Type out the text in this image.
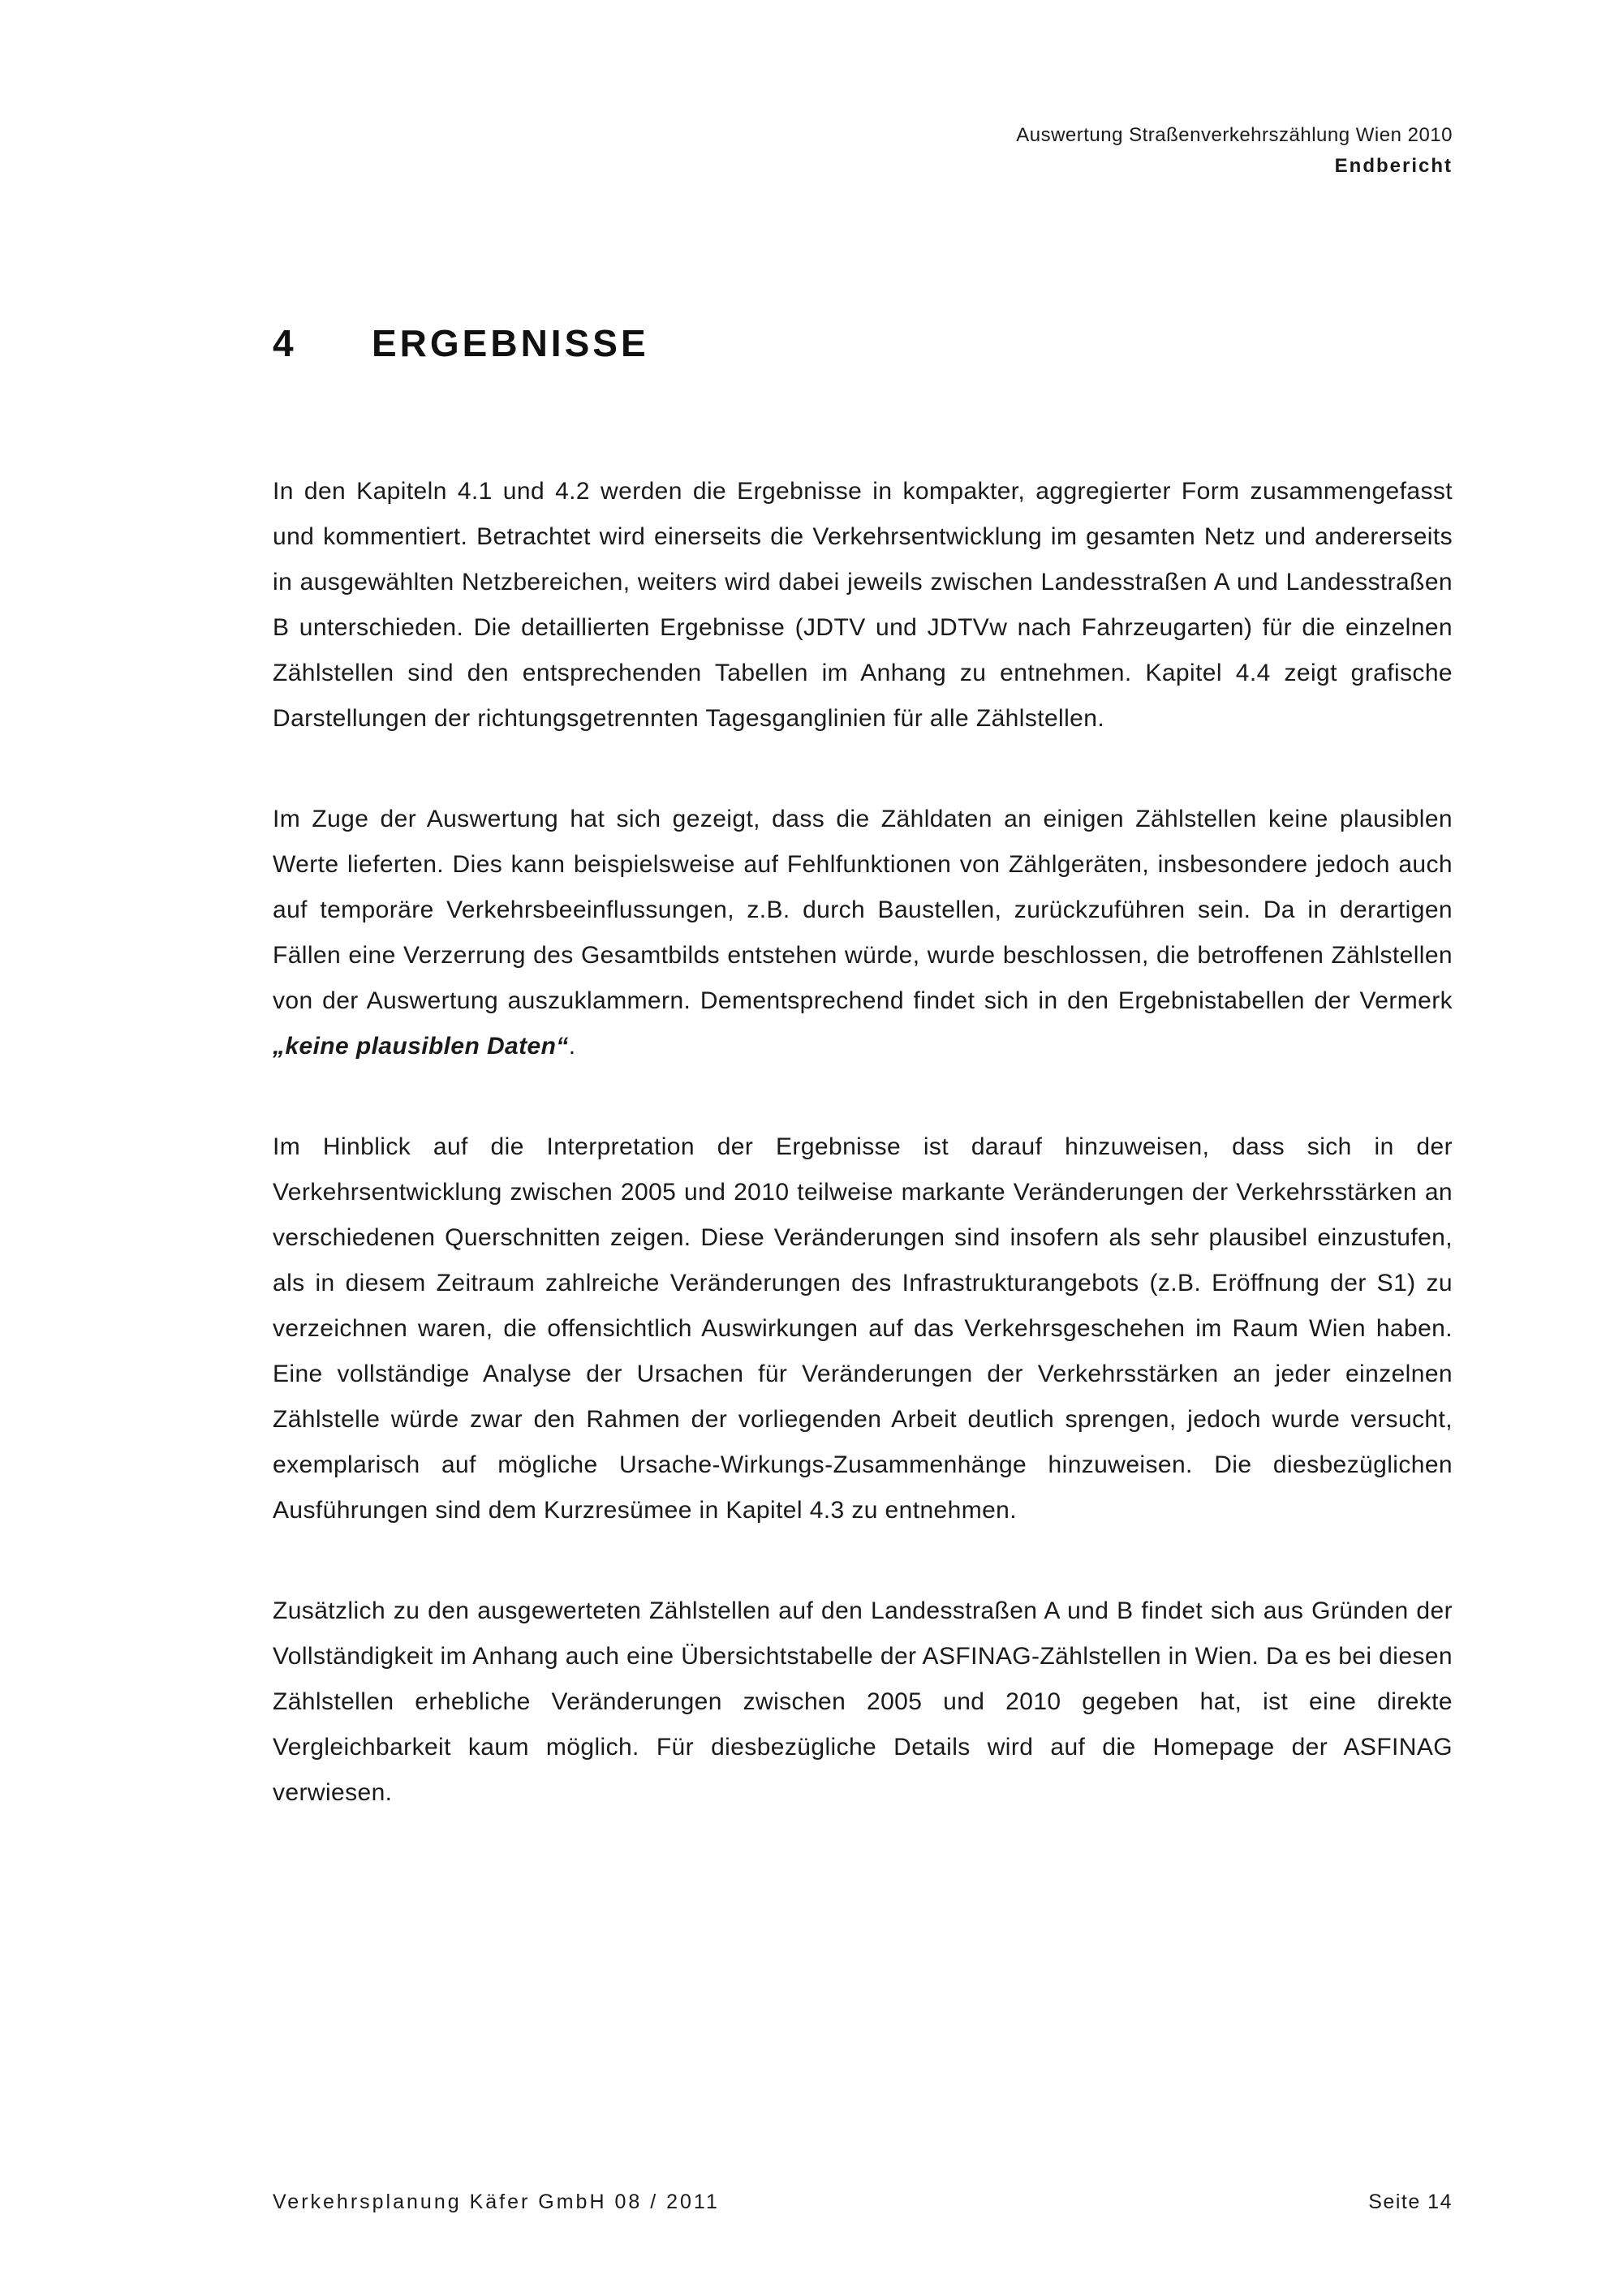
Auswertung Straßenverkehrszählung Wien 2010
Endbericht
4	ERGEBNISSE

In den Kapiteln 4.1 und 4.2 werden die Ergebnisse in kompakter, aggregierter Form zusammengefasst und kommentiert. Betrachtet wird einerseits die Verkehrsentwicklung im gesamten Netz und andererseits in ausgewählten Netzbereichen, weiters wird dabei jeweils zwischen Landesstraßen A und Landesstraßen B unterschieden. Die detaillierten Ergebnisse (JDTV und JDTVw nach Fahrzeugarten) für die einzelnen Zählstellen sind den entsprechenden Tabellen im Anhang zu entnehmen. Kapitel 4.4 zeigt grafische Darstellungen der richtungsgetrennten Tagesganglinien für alle Zählstellen.

Im Zuge der Auswertung hat sich gezeigt, dass die Zähldaten an einigen Zählstellen keine plausiblen Werte lieferten. Dies kann beispielsweise auf Fehlfunktionen von Zählgeräten, insbesondere jedoch auch auf temporäre Verkehrsbeeinflussungen, z.B. durch Baustellen, zurückzuführen sein. Da in derartigen Fällen eine Verzerrung des Gesamtbilds entstehen würde, wurde beschlossen, die betroffenen Zählstellen von der Auswertung auszuklammern. Dementsprechend findet sich in den Ergebnistabellen der Vermerk „keine plausiblen Daten“.

Im Hinblick auf die Interpretation der Ergebnisse ist darauf hinzuweisen, dass sich in der Verkehrsentwicklung zwischen 2005 und 2010 teilweise markante Veränderungen der Verkehrsstärken an verschiedenen Querschnitten zeigen. Diese Veränderungen sind insofern als sehr plausibel einzustufen, als in diesem Zeitraum zahlreiche Veränderungen des Infrastrukturangebots (z.B. Eröffnung der S1) zu verzeichnen waren, die offensichtlich Auswirkungen auf das Verkehrsgeschehen im Raum Wien haben. Eine vollständige Analyse der Ursachen für Veränderungen der Verkehrsstärken an jeder einzelnen Zählstelle würde zwar den Rahmen der vorliegenden Arbeit deutlich sprengen, jedoch wurde versucht, exemplarisch auf mögliche Ursache-Wirkungs-Zusammenhänge hinzuweisen. Die diesbezüglichen Ausführungen sind dem Kurzresümee in Kapitel 4.3 zu entnehmen.

Zusätzlich zu den ausgewerteten Zählstellen auf den Landesstraßen A und B findet sich aus Gründen der Vollständigkeit im Anhang auch eine Übersichtstabelle der ASFINAG-Zählstellen in Wien. Da es bei diesen Zählstellen erhebliche Veränderungen zwischen 2005 und 2010 gegeben hat, ist eine direkte Vergleichbarkeit kaum möglich. Für diesbezügliche Details wird auf die Homepage der ASFINAG verwiesen.

Verkehrsplanung Käfer GmbH 08 / 2011	Seite 14
